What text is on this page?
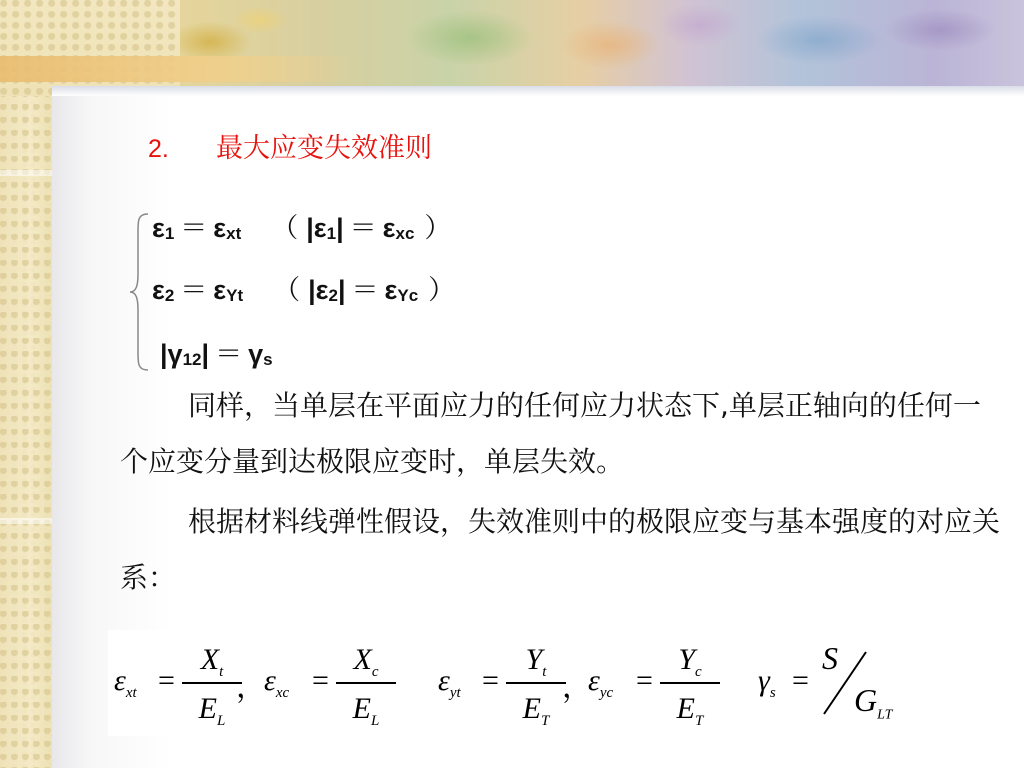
2. 最大应变失效准则
$\varepsilon_1 = \varepsilon_{xt}$ （ $|\varepsilon_1| = \varepsilon_{xc}$ ）
$\varepsilon_2 = \varepsilon_{Yt}$ （ $|\varepsilon_2| = \varepsilon_{Yc}$ ）
$|\gamma_{12}| = \gamma_s$
同样，当单层在平面应力的任何应力状态下,单层正轴向的任何一个应变分量到达极限应变时，单层失效。
根据材料线弹性假设，失效准则中的极限应变与基本强度的对应关系：
$\varepsilon_{xt}$ =
$X_t$
$E_L$
，
$\varepsilon_{xc}$ =
$X_c$
$E_L$
$\varepsilon_{yt}$ =
$Y_t$
$E_T$
，
$\varepsilon_{yc}$ =
$Y_c$
$E_T$
$\gamma_s$ =
S
$G_{LT}$
